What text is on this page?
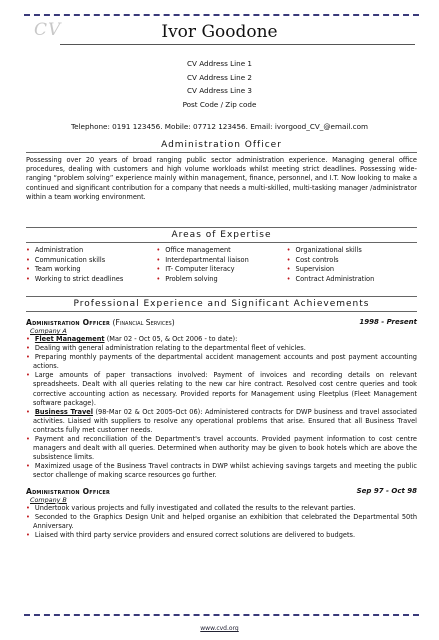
CV	Ivor Goodone
CV Address Line 1
CV Address Line 2
CV Address Line 3
Post Code / Zip code
Telephone: 0191 123456. Mobile: 07712 123456. Email: ivorgood_CV_@email.com
Administration Officer
Possessing over 20 years of broad ranging public sector administration experience. Managing general office procedures, dealing with customers and high volume workloads whilst meeting strict deadlines. Possessing wide-ranging “problem solving” experience mainly within management, finance, personnel, and I.T. Now looking to make a continued and significant contribution for a company that needs a multi-skilled, multi-tasking manager /administrator within a team working environment.
Areas of Expertise
• Administration
• Communication skills
• Team working
• Working to strict deadlines
• Office management
• Interdepartmental liaison
• IT- Computer literacy
• Problem solving
• Organizational skills
• Cost controls
• Supervision
• Contract Administration
Professional Experience and Significant Achievements
Administration Officer (Financial Services)	1998 - Present
Company A
• Fleet Management (Mar 02 - Oct 05, & Oct 2006 - to date):
• Dealing with general administration relating to the departmental fleet of vehicles.
• Preparing monthly payments of the departmental accident management accounts and post payment accounting actions.
• Large amounts of paper transactions involved: Payment of invoices and recording details on relevant spreadsheets. Dealt with all queries relating to the new car hire contract. Resolved cost centre queries and took corrective accounting action as necessary. Provided reports for Management using Fleetplus (Fleet Management software package).
• Business Travel (98-Mar 02 & Oct 2005-Oct 06): Administered contracts for DWP business and travel associated activities. Liaised with suppliers to resolve any operational problems that arise. Ensured that all Business Travel contracts fully met customer needs.
• Payment and reconciliation of the Department's travel accounts. Provided payment information to cost centre managers and dealt with all queries. Determined when authority may be given to book hotels which are above the subsistence limits.
• Maximized usage of the Business Travel contracts in DWP whilst achieving savings targets and meeting the public sector challenge of making scarce resources go further.
Administration Officer	Sep 97 - Oct 98
Company B
• Undertook various projects and fully investigated and collated the results to the relevant parties.
• Seconded to the Graphics Design Unit and helped organise an exhibition that celebrated the Departmental 50th Anniversary.
• Liaised with third party service providers and ensured correct solutions are delivered to budgets.
www.cvd.org
